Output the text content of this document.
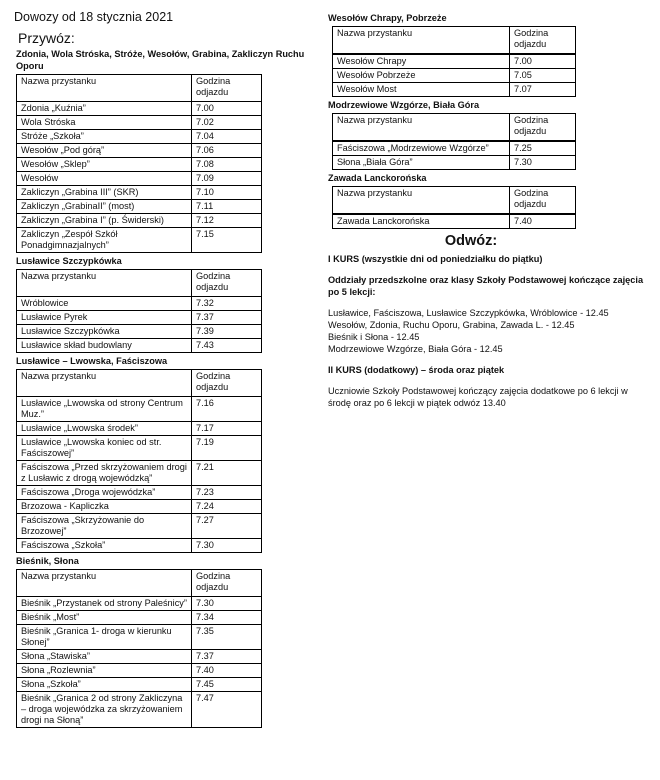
Dowozy od 18 stycznia 2021
Przywóz:
Zdonia, Wola Stróska, Stróże, Wesołów, Grabina, Zakliczyn Ruchu Oporu
Nazwa przystanku	Godzina odjazdu
Zdonia „Kuźnia”	7.00
Wola Stróska	7.02
Stróże „Szkoła”	7.04
Wesołów „Pod górą”	7.06
Wesołów „Sklep”	7.08
Wesołów	7.09
Zakliczyn „Grabina III” (SKR)	7.10
Zakliczyn „GrabinaII” (most)	7.11
Zakliczyn „Grabina I” (p. Świderski)	7.12
Zakliczyn „Zespół Szkół Ponadgimnazjalnych”	7.15
Lusławice Szczypkówka
Nazwa przystanku	Godzina odjazdu
Wróblowice	7.32
Lusławice Pyrek	7.37
Lusławice Szczypkówka	7.39
Lusławice skład budowlany	7.43
Lusławice – Lwowska, Faściszowa
Nazwa przystanku	Godzina odjazdu
Lusławice „Lwowska od strony Centrum Muz.”	7.16
Lusławice „Lwowska środek”	7.17
Lusławice „Lwowska koniec od str. Faściszowej”	7.19
Faściszowa „Przed skrzyżowaniem drogi z Lusławic z drogą wojewódzką”	7.21
Faściszowa „Droga wojewódzka”	7.23
Brzozowa - Kapliczka	7.24
Faściszowa „Skrzyżowanie do Brzozowej”	7.27
Faściszowa „Szkoła”	7.30
Bieśnik, Słona
Nazwa przystanku	Godzina odjazdu
Bieśnik „Przystanek od strony Paleśnicy”	7.30
Bieśnik „Most”	7.34
Bieśnik „Granica 1- droga w kierunku Słonej”	7.35
Słona „Stawiska”	7.37
Słona „Rozlewnia”	7.40
Słona „Szkoła”	7.45
Bieśnik „Granica 2 od strony Zakliczyna – droga wojewódzka za skrzyżowaniem drogi na Słoną”	7.47
Wesołów Chrapy, Pobrzeże
Nazwa przystanku	Godzina odjazdu

Wesołów Chrapy	7.00
Wesołów Pobrzeże	7.05
Wesołów Most	7.07
Modrzewiowe Wzgórze, Biała Góra
Nazwa przystanku	Godzina odjazdu

Faściszowa „Modrzewiowe Wzgórze”	7.25
Słona „Biała Góra”	7.30
Zawada Lanckorońska
Nazwa przystanku	Godzina odjazdu

Zawada Lanckorońska	7.40
Odwóz:
I KURS (wszystkie dni od poniedziałku do piątku)
Oddziały przedszkolne oraz klasy Szkoły Podstawowej kończące zajęcia po 5 lekcji:
Lusławice, Faściszowa, Lusławice Szczypkówka, Wróblowice - 12.45
Wesołów, Zdonia, Ruchu Oporu, Grabina, Zawada L. - 12.45
Bieśnik i Słona - 12.45
Modrzewiowe Wzgórze, Biała Góra - 12.45
II KURS (dodatkowy) – środa oraz piątek
Uczniowie Szkoły Podstawowej kończący zajęcia dodatkowe po 6 lekcji w środę oraz po 6 lekcji w piątek odwóz 13.40
